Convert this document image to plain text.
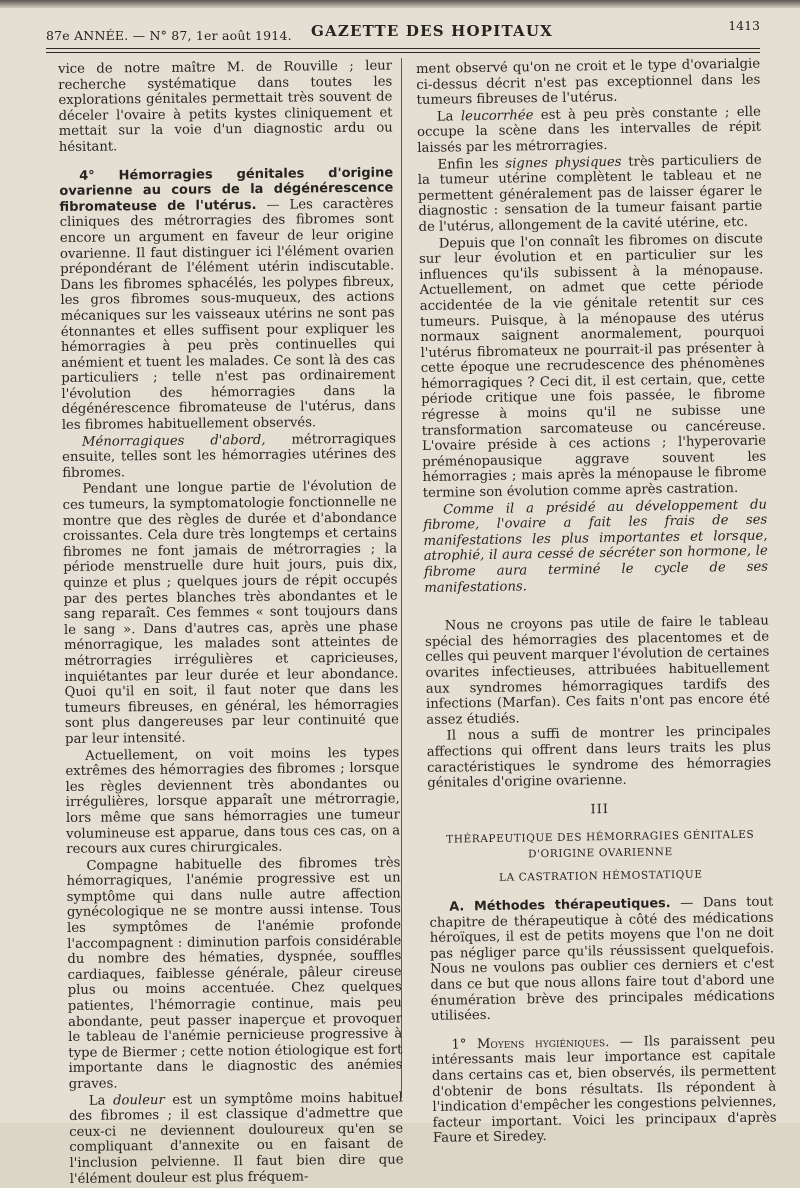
87e ANNÉE. — N° 87, 1er août 1914. GAZETTE DES HOPITAUX	1413

vice de notre maître M. de Rouville ; leur recherche systématique dans toutes les explorations génitales permettait très souvent de déceler l'ovaire à petits kystes cliniquement et mettait sur la voie d'un diagnostic ardu ou hésitant.

4° Hémorragies génitales d'origine ovarienne au cours de la dégénérescence fibromateuse de l'utérus. — Les caractères cliniques des métrorragies des fibromes sont encore un argument en faveur de leur origine ovarienne. Il faut distinguer ici l'élément ovarien prépondérant de l'élément utérin indiscutable. Dans les fibromes sphacélés, les polypes fibreux, les gros fibromes sous-muqueux, des actions mécaniques sur les vaisseaux utérins ne sont pas étonnantes et elles suffisent pour expliquer les hémorragies à peu près continuelles qui anémient et tuent les malades. Ce sont là des cas particuliers ; telle n'est pas ordinairement l'évolution des hémorragies dans la dégénérescence fibromateuse de l'utérus, dans les fibromes habituellement observés.

Ménorragiques d'abord, métrorragiques ensuite, telles sont les hémorragies utérines des fibromes.

Pendant une longue partie de l'évolution de ces tumeurs, la symptomatologie fonctionnelle ne montre que des règles de durée et d'abondance croissantes. Cela dure très longtemps et certains fibromes ne font jamais de métrorragies ; la période menstruelle dure huit jours, puis dix, quinze et plus ; quelques jours de répit occupés par des pertes blanches très abondantes et le sang reparaît. Ces femmes « sont toujours dans le sang ». Dans d'autres cas, après une phase ménorragique, les malades sont atteintes de métrorragies irrégulières et capricieuses, inquiétantes par leur durée et leur abondance. Quoi qu'il en soit, il faut noter que dans les tumeurs fibreuses, en général, les hémorragies sont plus dangereuses par leur continuité que par leur intensité.

Actuellement, on voit moins les types extrêmes des hémorragies des fibromes ; lorsque les règles deviennent très abondantes ou irrégulières, lorsque apparaît une métrorragie, lors même que sans hémorragies une tumeur volumineuse est apparue, dans tous ces cas, on a recours aux cures chirurgicales.

Compagne habituelle des fibromes très hémorragiques, l'anémie progressive est un symptôme qui dans nulle autre affection gynécologique ne se montre aussi intense. Tous les symptômes de l'anémie profonde l'accompagnent : diminution parfois considérable du nombre des hématies, dyspnée, souffles cardiaques, faiblesse générale, pâleur cireuse plus ou moins accentuée. Chez quelques patientes, l'hémorragie continue, mais peu abondante, peut passer inaperçue et provoquer le tableau de l'anémie pernicieuse progressive à type de Biermer ; cette notion étiologique est fort importante dans le diagnostic des anémies graves.

La douleur est un symptôme moins habituel des fibromes ; il est classique d'admettre que ceux-ci ne deviennent douloureux qu'en se compliquant d'annexite ou en faisant de l'inclusion pelvienne. Il faut bien dire que l'élément douleur est plus fréquem-

ment observé qu'on ne croit et le type d'ovarialgie ci-dessus décrit n'est pas exceptionnel dans les tumeurs fibreuses de l'utérus.

La leucorrhée est à peu près constante ; elle occupe la scène dans les intervalles de répit laissés par les métrorragies.

Enfin les signes physiques très particuliers de la tumeur utérine complètent le tableau et ne permettent généralement pas de laisser égarer le diagnostic : sensation de la tumeur faisant partie de l'utérus, allongement de la cavité utérine, etc.

Depuis que l'on connaît les fibromes on discute sur leur évolution et en particulier sur les influences qu'ils subissent à la ménopause. Actuellement, on admet que cette période accidentée de la vie génitale retentit sur ces tumeurs. Puisque, à la ménopause des utérus normaux saignent anormalement, pourquoi l'utérus fibromateux ne pourrait-il pas présenter à cette époque une recrudescence des phénomènes hémorragiques ? Ceci dit, il est certain, que, cette période critique une fois passée, le fibrome régresse à moins qu'il ne subisse une transformation sarcomateuse ou cancéreuse. L'ovaire préside à ces actions ; l'hyperovarie préménopausique aggrave souvent les hémorragies ; mais après la ménopause le fibrome termine son évolution comme après castration.

Comme il a présidé au développement du fibrome, l'ovaire a fait les frais de ses manifestations les plus importantes et lorsque, atrophié, il aura cessé de sécréter son hormone, le fibrome aura terminé le cycle de ses manifestations.

Nous ne croyons pas utile de faire le tableau spécial des hémorragies des placentomes et de celles qui peuvent marquer l'évolution de certaines ovarites infectieuses, attribuées habituellement aux syndromes hémorragiques tardifs des infections (Marfan). Ces faits n'ont pas encore été assez étudiés.

Il nous a suffi de montrer les principales affections qui offrent dans leurs traits les plus caractéristiques le syndrome des hémorragies génitales d'origine ovarienne.

III

THÉRAPEUTIQUE DES HÉMORRAGIES GÉNITALES D'ORIGINE OVARIENNE

LA CASTRATION HÉMOSTATIQUE

A. Méthodes thérapeutiques. — Dans tout chapitre de thérapeutique à côté des médications héroïques, il est de petits moyens que l'on ne doit pas négliger parce qu'ils réussissent quelquefois. Nous ne voulons pas oublier ces derniers et c'est dans ce but que nous allons faire tout d'abord une énumération brève des principales médications utilisées.

1° Moyens hygiéniques. — Ils paraissent peu intéressants mais leur importance est capitale dans certains cas et, bien observés, ils permettent d'obtenir de bons résultats. Ils répondent à l'indication d'empêcher les congestions pelviennes, facteur important. Voici les principaux d'après Faure et Siredey.
